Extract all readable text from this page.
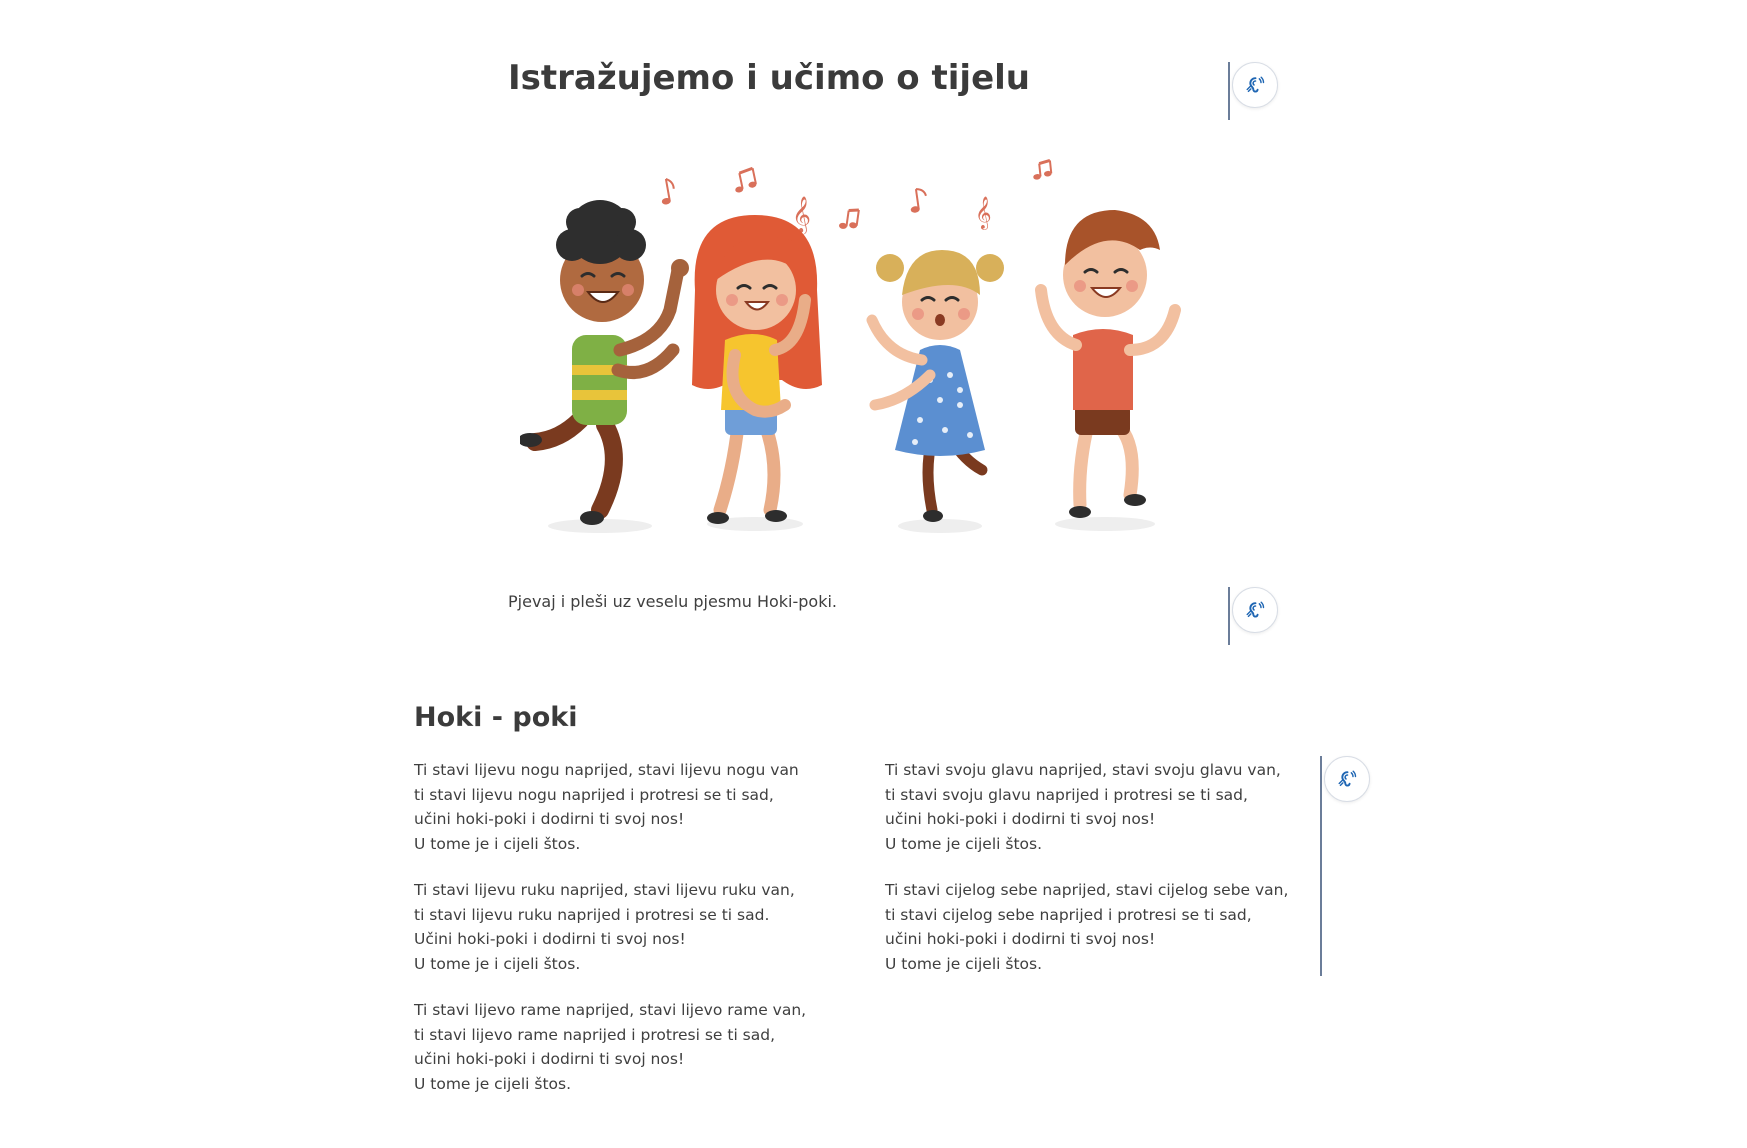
Istražujemo i učimo o tijelu
𝄞	𝄞

Pjevaj i pleši uz veselu pjesmu Hoki-poki.

Hoki - poki
Ti stavi lijevu nogu naprijed, stavi lijevu nogu van
ti stavi lijevu nogu naprijed i protresi se ti sad,
učini hoki-poki i dodirni ti svoj nos!
U tome je i cijeli štos.
Ti stavi lijevu ruku naprijed, stavi lijevu ruku van,
ti stavi lijevu ruku naprijed i protresi se ti sad.
Učini hoki-poki i dodirni ti svoj nos!
U tome je i cijeli štos.
Ti stavi lijevo rame naprijed, stavi lijevo rame van,
ti stavi lijevo rame naprijed i protresi se ti sad,
učini hoki-poki i dodirni ti svoj nos!
U tome je cijeli štos.
Ti stavi svoju glavu naprijed, stavi svoju glavu van,
ti stavi svoju glavu naprijed i protresi se ti sad,
učini hoki-poki i dodirni ti svoj nos!
U tome je cijeli štos.
Ti stavi cijelog sebe naprijed, stavi cijelog sebe van,
ti stavi cijelog sebe naprijed i protresi se ti sad,
učini hoki-poki i dodirni ti svoj nos!
U tome je cijeli štos.
